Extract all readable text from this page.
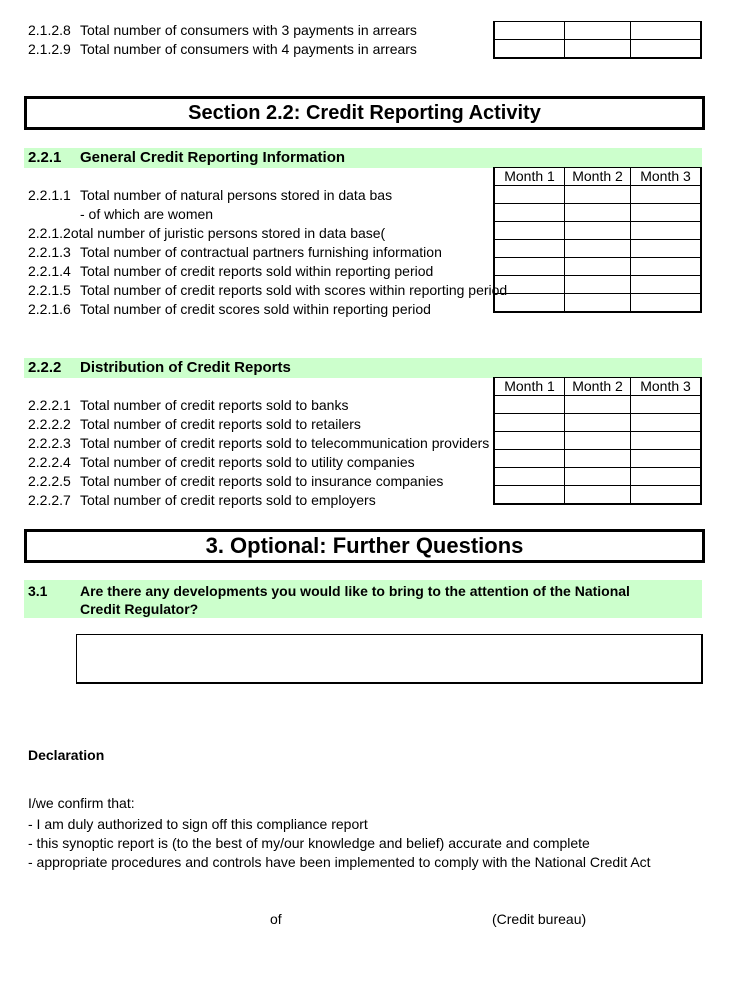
2.1.2.8 Total number of consumers with 3 payments in arrears
2.1.2.9 Total number of consumers with 4 payments in arrears

Section 2.2: Credit Reporting Activity
2.2.1 General Credit Reporting Information
Month 1	Month 2	Month 3

2.2.1.1 Total number of natural persons stored in data bas
- of which are women
2.2.1.2otal number of juristic persons stored in data base(
2.2.1.3 Total number of contractual partners furnishing information
2.2.1.4 Total number of credit reports sold within reporting period
2.2.1.5 Total number of credit reports sold with scores within reporting period
2.2.1.6 Total number of credit scores sold within reporting period
2.2.2 Distribution of Credit Reports
Month 1	Month 2	Month 3

2.2.2.1 Total number of credit reports sold to banks
2.2.2.2 Total number of credit reports sold to retailers
2.2.2.3 Total number of credit reports sold to telecommunication providers
2.2.2.4 Total number of credit reports sold to utility companies
2.2.2.5 Total number of credit reports sold to insurance companies
2.2.2.7 Total number of credit reports sold to employers
3. Optional: Further Questions
3.1 Are there any developments you would like to bring to the attention of the National
Credit Regulator?
Declaration
I/we confirm that:
- I am duly authorized to sign off this compliance report
- this synoptic report is (to the best of my/our knowledge and belief) accurate and complete
- appropriate procedures and controls have been implemented to comply with the National Credit Act
of	(Credit bureau)
